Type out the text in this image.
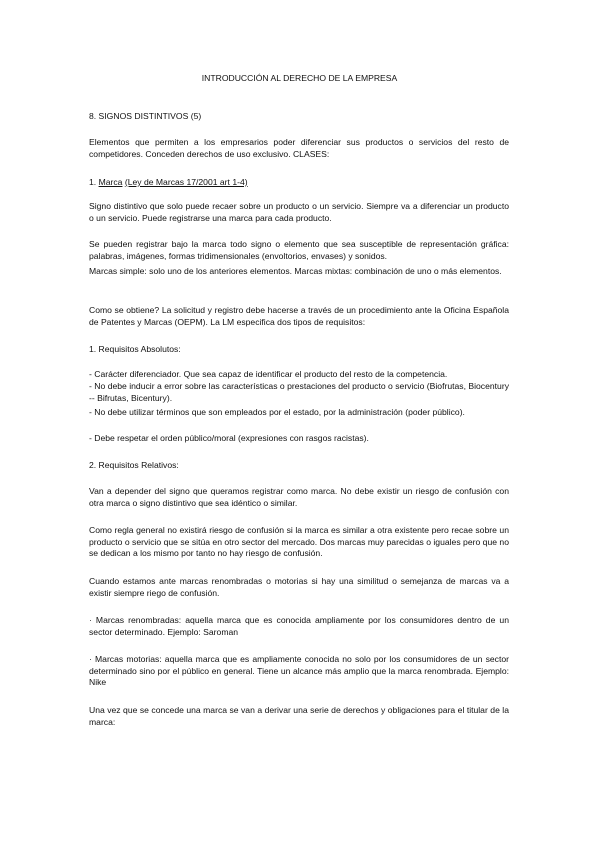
INTRODUCCIÓN AL DERECHO DE LA EMPRESA

8. SIGNOS DISTINTIVOS (5)

Elementos que permiten a los empresarios poder diferenciar sus productos o servicios del resto de competidores. Conceden derechos de uso exclusivo. CLASES:

1. Marca (Ley de Marcas 17/2001 art 1-4)

Signo distintivo que solo puede recaer sobre un producto o un servicio. Siempre va a diferenciar un producto o un servicio. Puede registrarse una marca para cada producto.

Se pueden registrar bajo la marca todo signo o elemento que sea susceptible de representación gráfica: palabras, imágenes, formas tridimensionales (envoltorios, envases) y sonidos.

Marcas simple: solo uno de los anteriores elementos. Marcas mixtas: combinación de uno o más elementos.

Como se obtiene? La solicitud y registro debe hacerse a través de un procedimiento ante la Oficina Española de Patentes y Marcas (OEPM). La LM especifica dos tipos de requisitos:

1. Requisitos Absolutos:

- Carácter diferenciador. Que sea capaz de identificar el producto del resto de la competencia.

- No debe inducir a error sobre las características o prestaciones del producto o servicio (Biofrutas, Biocentury -- Bifrutas, Bicentury).

- No debe utilizar términos que son empleados por el estado, por la administración (poder público).

- Debe respetar el orden público/moral (expresiones con rasgos racistas).

2. Requisitos Relativos:

Van a depender del signo que queramos registrar como marca. No debe existir un riesgo de confusión con otra marca o signo distintivo que sea idéntico o similar.

Como regla general no existirá riesgo de confusión si la marca es similar a otra existente pero recae sobre un producto o servicio que se sitúa en otro sector del mercado. Dos marcas muy parecidas o iguales pero que no se dedican a los mismo por tanto no hay riesgo de confusión.

Cuando estamos ante marcas renombradas o motorias si hay una similitud o semejanza de marcas va a existir siempre riego de confusión.

· Marcas renombradas: aquella marca que es conocida ampliamente por los consumidores dentro de un sector determinado. Ejemplo: Saroman

· Marcas motorias: aquella marca que es ampliamente conocida no solo por los consumidores de un sector determinado sino por el público en general. Tiene un alcance más amplio que la marca renombrada. Ejemplo: Nike

Una vez que se concede una marca se van a derivar una serie de derechos y obligaciones para el titular de la marca:
